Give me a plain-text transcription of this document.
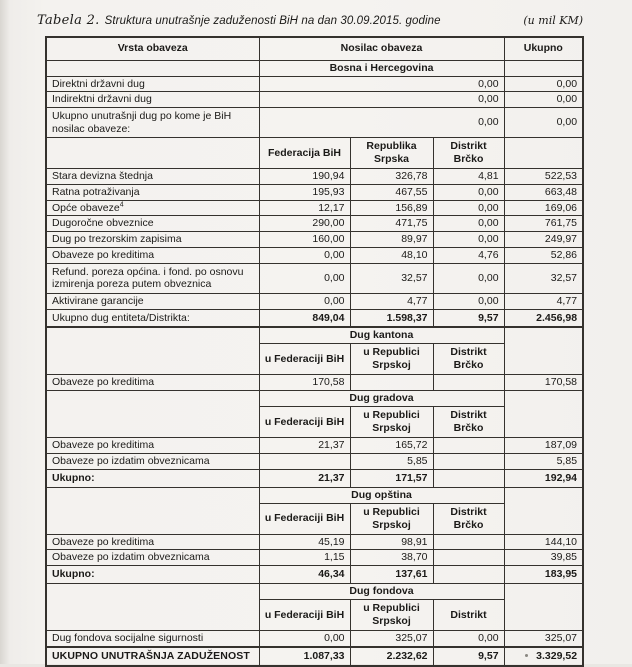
Tabela 2. Struktura unutrašnje zaduženosti BiH na dan 30.09.2015. godine	(u mil KM)
Vrsta obaveza	Nosilac obaveza			Ukupno
	Bosna i Hercegovina			
Direktni državni dug	0,00			0,00
Indirektni državni dug	0,00			0,00
Ukupno unutrašnji dug po kome je BiH nosilac obaveze:	0,00			0,00
	Federacija BiH	Republika Srpska	Distrikt Brčko	
Stara devizna štednja	190,94	326,78	4,81	522,53
Ratna potraživanja	195,93	467,55	0,00	663,48
Opće obaveze$^4$	12,17	156,89	0,00	169,06
Dugoročne obveznice	290,00	471,75	0,00	761,75
Dug po trezorskim zapisima	160,00	89,97	0,00	249,97
Obaveze po kreditima	0,00	48,10	4,76	52,86
Refund. poreza općina. i fond. po osnovu izmirenja poreza putem obveznica	0,00	32,57	0,00	32,57
Aktivirane garancije	0,00	4,77	0,00	4,77
Ukupno dug entiteta/Distrikta:	849,04	1.598,37	9,57	2.456,98
	Dug kantona			
	u Federaciji BiH	u Republici Srpskoj	Distrikt Brčko	
Obaveze po kreditima	170,58			170,58
	Dug gradova			
	u Federaciji BiH	u Republici Srpskoj	Distrikt Brčko	
Obaveze po kreditima	21,37	165,72		187,09
Obaveze po izdatim obveznicama		5,85		5,85
Ukupno:	21,37	171,57		192,94
	Dug opština			
	u Federaciji BiH	u Republici Srpskoj	Distrikt Brčko	
Obaveze po kreditima	45,19	98,91		144,10
Obaveze po izdatim obveznicama	1,15	38,70		39,85
Ukupno:	46,34	137,61		183,95
	Dug fondova			
	u Federaciji BiH	u Republici Srpskoj	Distrikt	
Dug fondova socijalne sigurnosti	0,00	325,07	0,00	325,07
UKUPNO UNUTRAŠNJA ZADUŽENOST	1.087,33	2.232,62	9,57	3.329,52
